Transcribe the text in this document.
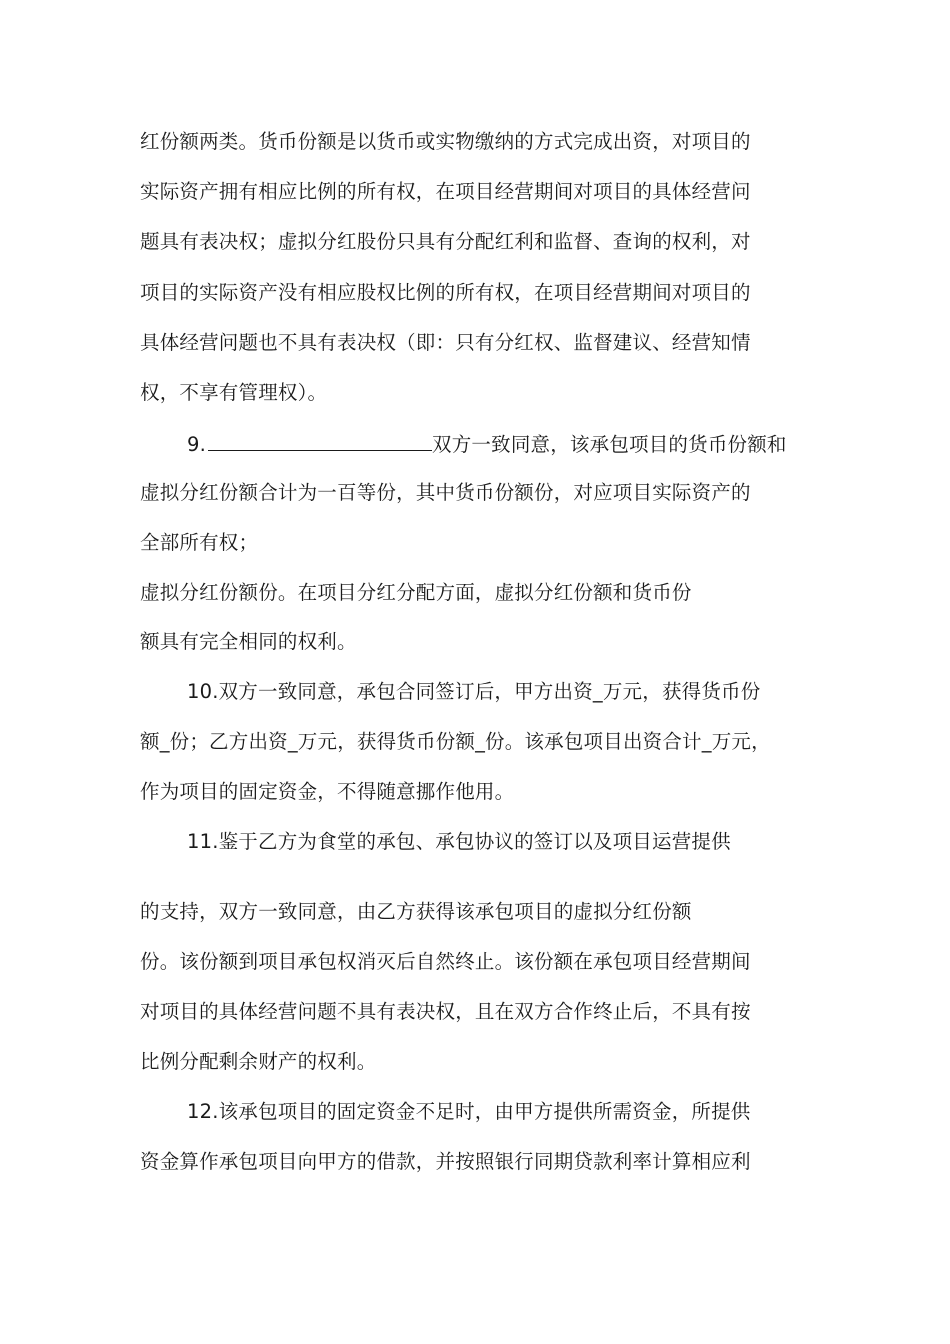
红份额两类。货币份额是以货币或实物缴纳的方式完成出资，对项目的
实际资产拥有相应比例的所有权，在项目经营期间对项目的具体经营问
题具有表决权；虚拟分红股份只具有分配红利和监督、查询的权利，对
项目的实际资产没有相应股权比例的所有权，在项目经营期间对项目的
具体经营问题也不具有表决权（即：只有分红权、监督建议、经营知情
权，不享有管理权）。
9.	双方一致同意，该承包项目的货币份额和
虚拟分红份额合计为一百等份，其中货币份额份，对应项目实际资产的
全部所有权；
虚拟分红份额份。在项目分红分配方面，虚拟分红份额和货币份
额具有完全相同的权利。
10.双方一致同意，承包合同签订后，甲方出资_万元，获得货币份
额_份；乙方出资_万元，获得货币份额_份。该承包项目出资合计_万元，
作为项目的固定资金，不得随意挪作他用。
11.鉴于乙方为食堂的承包、承包协议的签订以及项目运营提供
的支持，双方一致同意，由乙方获得该承包项目的虚拟分红份额
份。该份额到项目承包权消灭后自然终止。该份额在承包项目经营期间
对项目的具体经营问题不具有表决权，且在双方合作终止后，不具有按
比例分配剩余财产的权利。
12.该承包项目的固定资金不足时，由甲方提供所需资金，所提供
资金算作承包项目向甲方的借款，并按照银行同期贷款利率计算相应利
